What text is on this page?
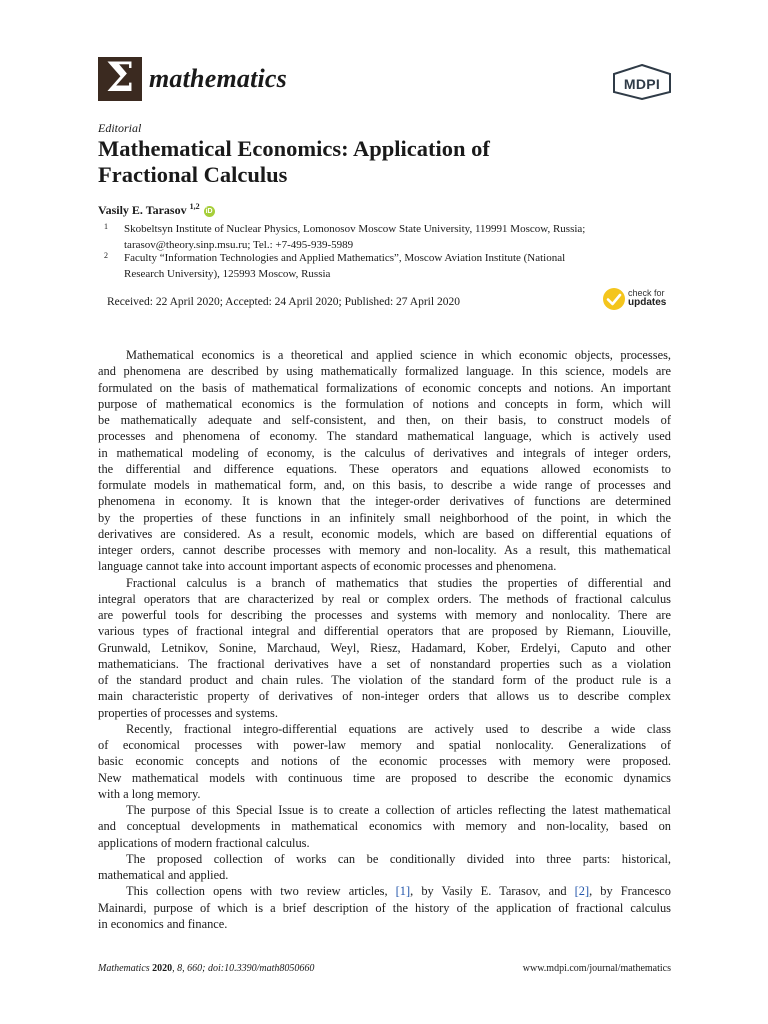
Σ mathematics	MDPI
Editorial
Mathematical Economics: Application of
Fractional Calculus
Vasily E. Tarasov $^{1,2}$ iD
1 Skobeltsyn Institute of Nuclear Physics, Lomonosov Moscow State University, 119991 Moscow, Russia;
tarasov@theory.sinp.msu.ru; Tel.: +7-495-939-5989
2 Faculty “Information Technologies and Applied Mathematics”, Moscow Aviation Institute (National
Research University), 125993 Moscow, Russia
Received: 22 April 2020; Accepted: 24 April 2020; Published: 27 April 2020
check for
updates
Mathematical economics is a theoretical and applied science in which economic objects, processes,
and phenomena are described by using mathematically formalized language. In this science, models are
formulated on the basis of mathematical formalizations of economic concepts and notions. An important
purpose of mathematical economics is the formulation of notions and concepts in form, which will
be mathematically adequate and self-consistent, and then, on their basis, to construct models of
processes and phenomena of economy. The standard mathematical language, which is actively used
in mathematical modeling of economy, is the calculus of derivatives and integrals of integer orders,
the differential and difference equations. These operators and equations allowed economists to
formulate models in mathematical form, and, on this basis, to describe a wide range of processes and
phenomena in economy. It is known that the integer-order derivatives of functions are determined
by the properties of these functions in an infinitely small neighborhood of the point, in which the
derivatives are considered. As a result, economic models, which are based on differential equations of
integer orders, cannot describe processes with memory and non-locality. As a result, this mathematical
language cannot take into account important aspects of economic processes and phenomena.
Fractional calculus is a branch of mathematics that studies the properties of differential and
integral operators that are characterized by real or complex orders. The methods of fractional calculus
are powerful tools for describing the processes and systems with memory and nonlocality. There are
various types of fractional integral and differential operators that are proposed by Riemann, Liouville,
Grunwald, Letnikov, Sonine, Marchaud, Weyl, Riesz, Hadamard, Kober, Erdelyi, Caputo and other
mathematicians. The fractional derivatives have a set of nonstandard properties such as a violation
of the standard product and chain rules. The violation of the standard form of the product rule is a
main characteristic property of derivatives of non-integer orders that allows us to describe complex
properties of processes and systems.
Recently, fractional integro-differential equations are actively used to describe a wide class
of economical processes with power-law memory and spatial nonlocality. Generalizations of
basic economic concepts and notions of the economic processes with memory were proposed.
New mathematical models with continuous time are proposed to describe the economic dynamics
with a long memory.
The purpose of this Special Issue is to create a collection of articles reflecting the latest mathematical
and conceptual developments in mathematical economics with memory and non-locality, based on
applications of modern fractional calculus.
The proposed collection of works can be conditionally divided into three parts: historical,
mathematical and applied.
This collection opens with two review articles, [1], by Vasily E. Tarasov, and [2], by Francesco
Mainardi, purpose of which is a brief description of the history of the application of fractional calculus
in economics and finance.
Mathematics 2020, 8, 660; doi:10.3390/math8050660	www.mdpi.com/journal/mathematics
